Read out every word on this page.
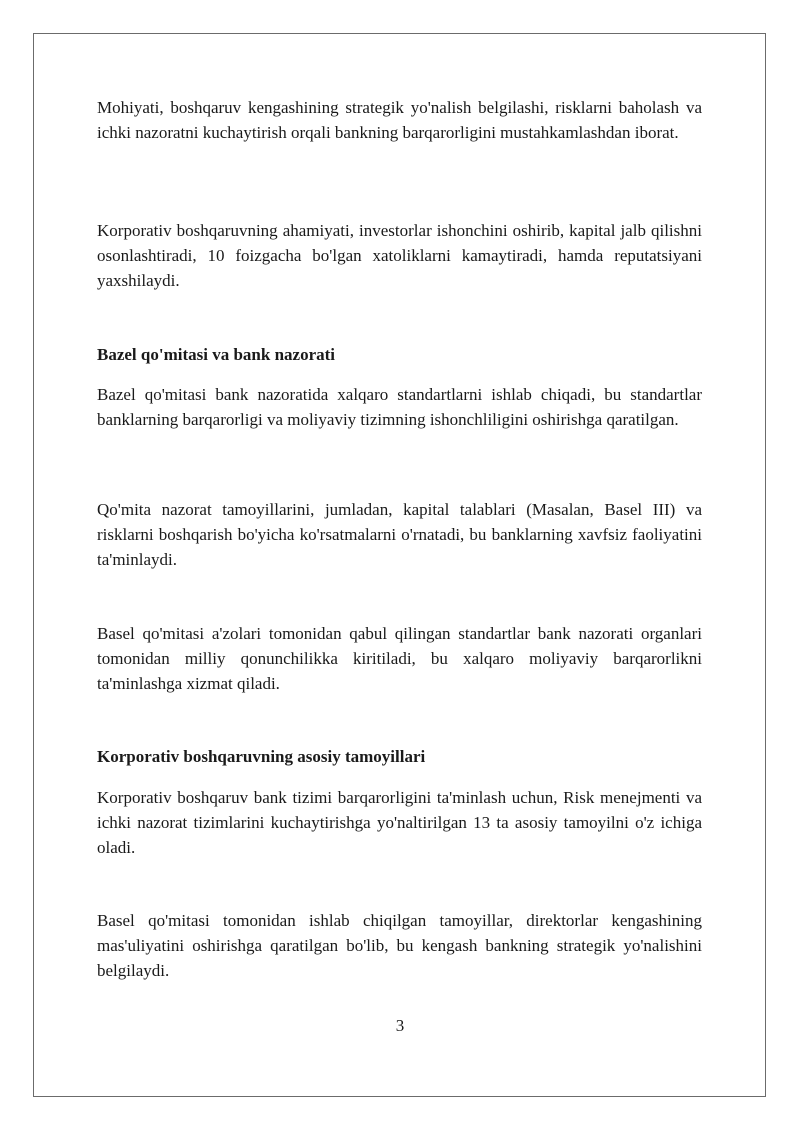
Mohiyati, boshqaruv kengashining strategik yo'nalish belgilashi, risklarni baholash va ichki nazoratni kuchaytirish orqali bankning barqarorligini mustahkamlashdan iborat.

Korporativ boshqaruvning ahamiyati, investorlar ishonchini oshirib, kapital jalb qilishni osonlashtiradi, 10 foizgacha bo'lgan xatoliklarni kamaytiradi, hamda reputatsiyani yaxshilaydi.

Bazel qo'mitasi va bank nazorati

Bazel qo'mitasi bank nazoratida xalqaro standartlarni ishlab chiqadi, bu standartlar banklarning barqarorligi va moliyaviy tizimning ishonchliligini oshirishga qaratilgan.

Qo'mita nazorat tamoyillarini, jumladan, kapital talablari (Masalan, Basel III) va risklarni boshqarish bo'yicha ko'rsatmalarni o'rnatadi, bu banklarning xavfsiz faoliyatini ta'minlaydi.

Basel qo'mitasi a'zolari tomonidan qabul qilingan standartlar bank nazorati organlari tomonidan milliy qonunchilikka kiritiladi, bu xalqaro moliyaviy barqarorlikni ta'minlashga xizmat qiladi.

Korporativ boshqaruvning asosiy tamoyillari

Korporativ boshqaruv bank tizimi barqarorligini ta'minlash uchun, Risk menejmenti va ichki nazorat tizimlarini kuchaytirishga yo'naltirilgan 13 ta asosiy tamoyilni o'z ichiga oladi.

Basel qo'mitasi tomonidan ishlab chiqilgan tamoyillar, direktorlar kengashining mas'uliyatini oshirishga qaratilgan bo'lib, bu kengash bankning strategik yo'nalishini belgilaydi.

3
